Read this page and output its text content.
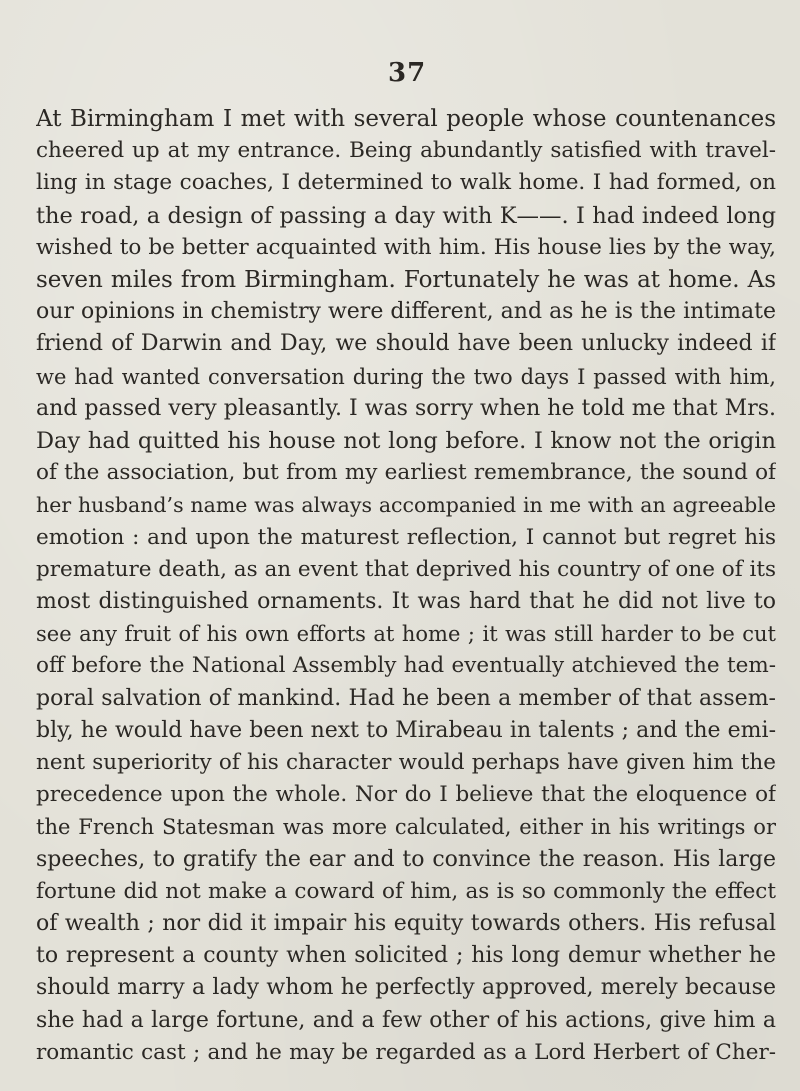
37
At Birmingham I met with several people whose countenances
cheered up at my entrance. Being abundantly satisfied with travel-
ling in stage coaches, I determined to walk home. I had formed, on
the road, a design of passing a day with K——. I had indeed long
wished to be better acquainted with him. His house lies by the way,
seven miles from Birmingham. Fortunately he was at home. As
our opinions in chemistry were different, and as he is the intimate
friend of Darwin and Day, we should have been unlucky indeed if
we had wanted conversation during the two days I passed with him,
and passed very pleasantly. I was sorry when he told me that Mrs.
Day had quitted his house not long before. I know not the origin
of the association, but from my earliest remembrance, the sound of
her husband’s name was always accompanied in me with an agreeable
emotion : and upon the maturest reflection, I cannot but regret his
premature death, as an event that deprived his country of one of its
most distinguished ornaments. It was hard that he did not live to
see any fruit of his own efforts at home ; it was still harder to be cut
off before the National Assembly had eventually atchieved the tem-
poral salvation of mankind. Had he been a member of that assem-
bly, he would have been next to Mirabeau in talents ; and the emi-
nent superiority of his character would perhaps have given him the
precedence upon the whole. Nor do I believe that the eloquence of
the French Statesman was more calculated, either in his writings or
speeches, to gratify the ear and to convince the reason. His large
fortune did not make a coward of him, as is so commonly the effect
of wealth ; nor did it impair his equity towards others. His refusal
to represent a county when solicited ; his long demur whether he
should marry a lady whom he perfectly approved, merely because
she had a large fortune, and a few other of his actions, give him a
romantic cast ; and he may be regarded as a Lord Herbert of Cher-
